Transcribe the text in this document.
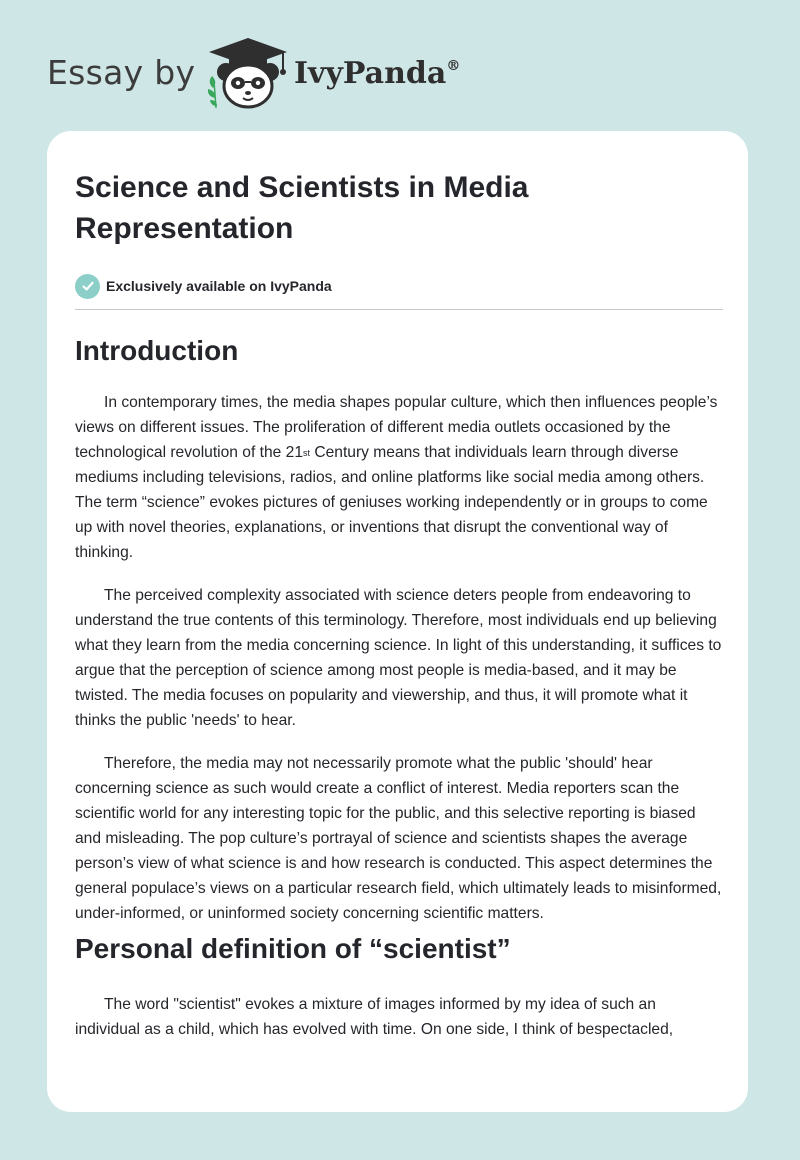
Essay by	IvyPanda®
Science and Scientists in Media Representation
Exclusively available on IvyPanda
Introduction

In contemporary times, the media shapes popular culture, which then influences people’s views on different issues. The proliferation of different media outlets occasioned by the technological revolution of the 21st Century means that individuals learn through diverse mediums including televisions, radios, and online platforms like social media among others. The term “science” evokes pictures of geniuses working independently or in groups to come up with novel theories, explanations, or inventions that disrupt the conventional way of thinking.

The perceived complexity associated with science deters people from endeavoring to understand the true contents of this terminology. Therefore, most individuals end up believing what they learn from the media concerning science. In light of this understanding, it suffices to argue that the perception of science among most people is media-based, and it may be twisted. The media focuses on popularity and viewership, and thus, it will promote what it thinks the public 'needs' to hear.

Therefore, the media may not necessarily promote what the public 'should' hear concerning science as such would create a conflict of interest. Media reporters scan the scientific world for any interesting topic for the public, and this selective reporting is biased and misleading. The pop culture’s portrayal of science and scientists shapes the average person’s view of what science is and how research is conducted. This aspect determines the general populace’s views on a particular research field, which ultimately leads to misinformed, under-informed, or uninformed society concerning scientific matters.

Personal definition of “scientist”

The word "scientist" evokes a mixture of images informed by my idea of such an individual as a child, which has evolved with time. On one side, I think of bespectacled,
